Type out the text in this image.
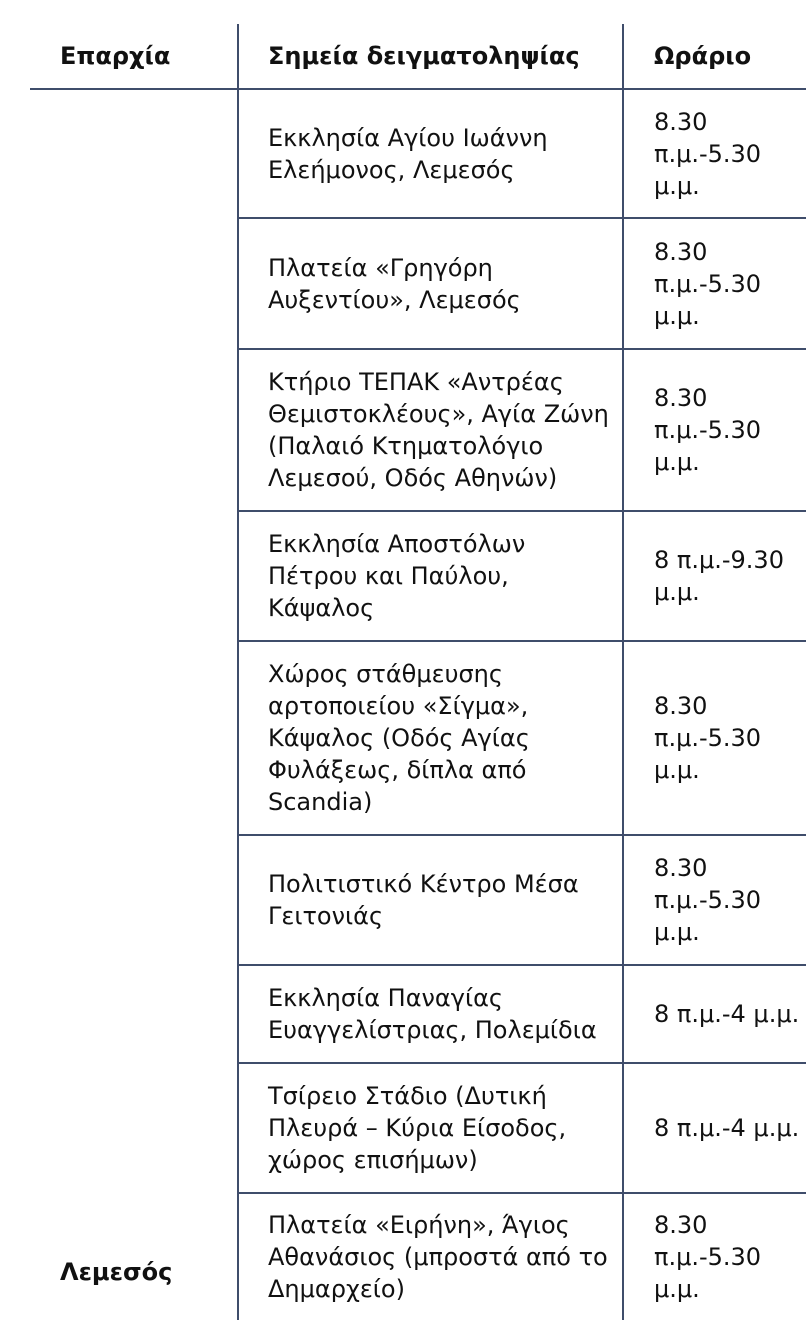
Επαρχία	Σημεία δειγματοληψίας	Ωράριο
Λεμεσός
Εκκλησία Αγίου Ιωάννη Ελεήμονος, Λεμεσός
8.30 π.μ.-5.30 μ.μ.
Πλατεία «Γρηγόρη Αυξεντίου», Λεμεσός
8.30 π.μ.-5.30 μ.μ.
Κτήριο ΤΕΠΑΚ «Αντρέας Θεμιστοκλέους», Αγία Ζώνη (Παλαιό Κτηματολόγιο Λεμεσού, Οδός Αθηνών)
8.30 π.μ.-5.30 μ.μ.
Εκκλησία Αποστόλων Πέτρου και Παύλου, Κάψαλος
8 π.μ.-9.30 μ.μ.
Χώρος στάθμευσης αρτοποιείου «Σίγμα», Κάψαλος (Οδός Αγίας Φυλάξεως, δίπλα από Scandia)
8.30 π.μ.-5.30 μ.μ.
Πολιτιστικό Κέντρο Μέσα Γειτονιάς
8.30 π.μ.-5.30 μ.μ.
Εκκλησία Παναγίας Ευαγγελίστριας, Πολεμίδια
8 π.μ.-4 μ.μ.
Τσίρειο Στάδιο (Δυτική Πλευρά – Κύρια Είσοδος, χώρος επισήμων)
8 π.μ.-4 μ.μ.
Πλατεία «Ειρήνη», Άγιος Αθανάσιος (μπροστά από το Δημαρχείο)
8.30 π.μ.-5.30 μ.μ.
